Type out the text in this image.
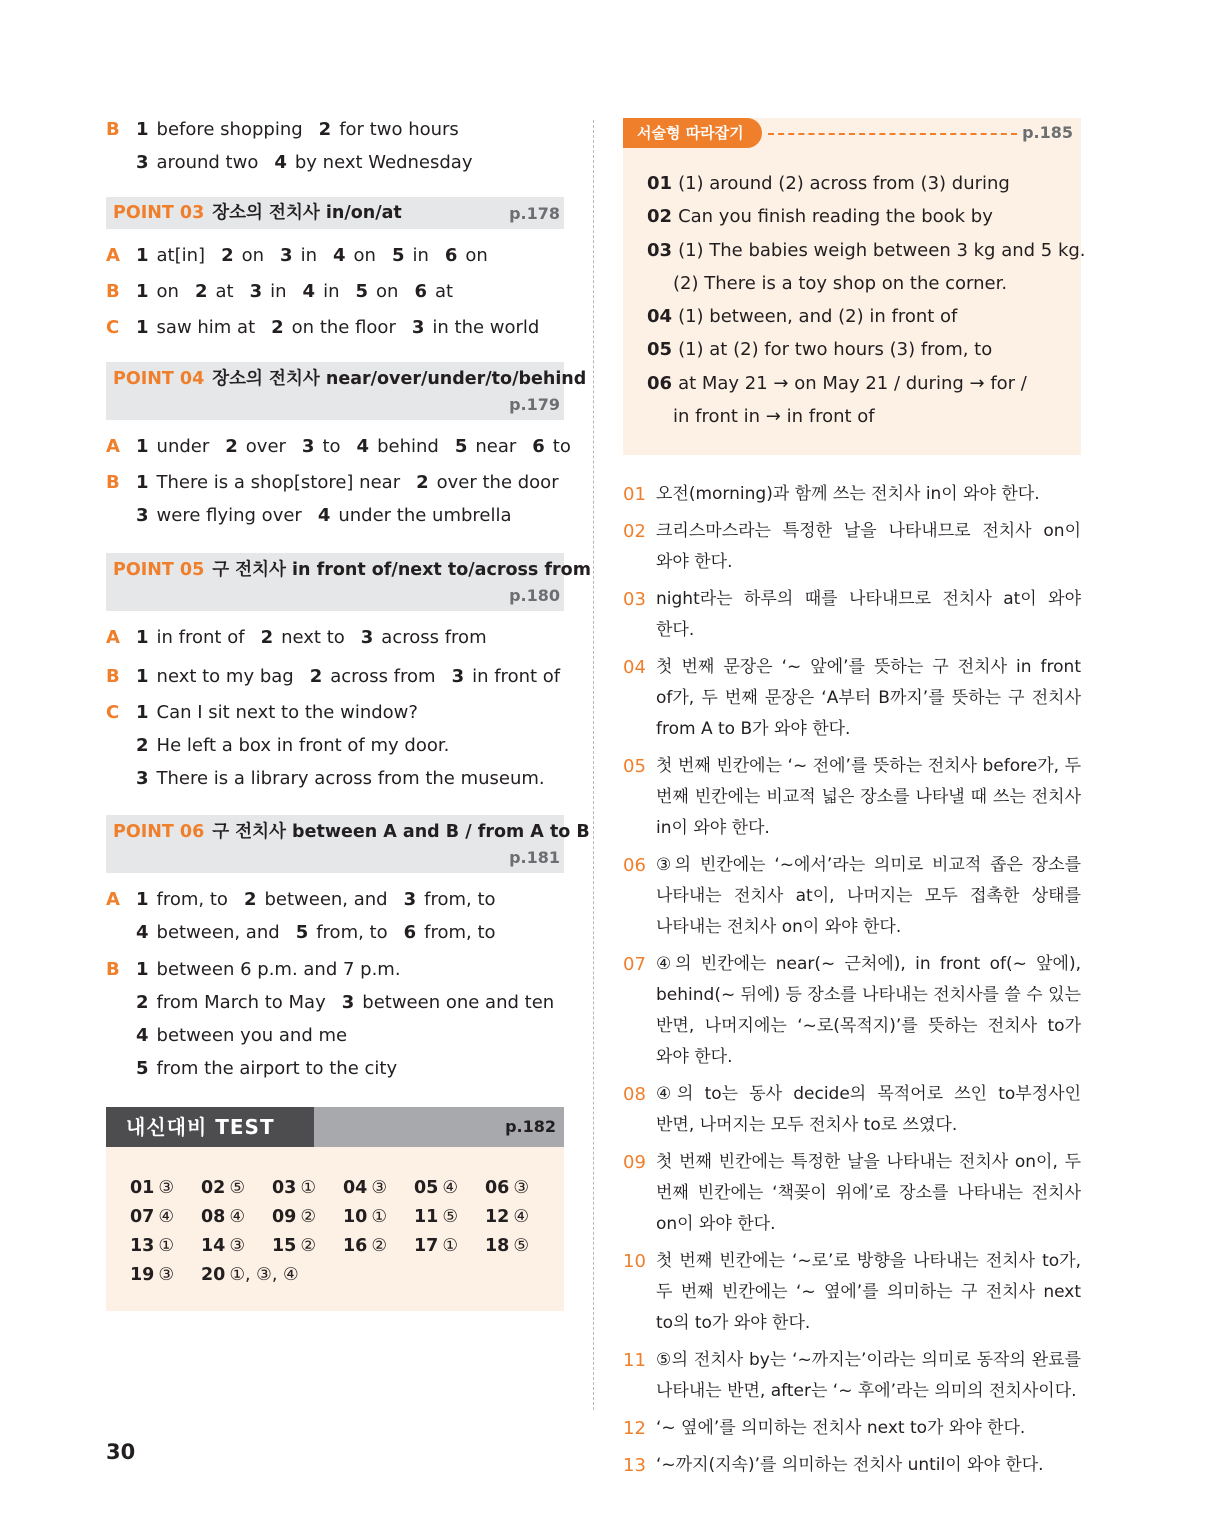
B 1 before shopping 2 for two hours
3 around two 4 by next Wednesday
POINT 03 장소의 전치사 in/on/at	p.178
A 1 at[in] 2 on 3 in 4 on 5 in 6 on
B 1 on 2 at 3 in 4 in 5 on 6 at
C 1 saw him at 2 on the floor 3 in the world
POINT 04 장소의 전치사 near/over/under/to/behind
p.179
A 1 under 2 over 3 to 4 behind 5 near 6 to
B 1 There is a shop[store] near 2 over the door
3 were flying over 4 under the umbrella
POINT 05 구 전치사 in front of/next to/across from
p.180
A 1 in front of 2 next to 3 across from
B 1 next to my bag 2 across from 3 in front of
C 1 Can I sit next to the window?
2 He left a box in front of my door.
3 There is a library across from the museum.
POINT 06 구 전치사 between A and B / from A to B
p.181
A 1 from, to 2 between, and 3 from, to
4 between, and 5 from, to 6 from, to
B 1 between 6 p.m. and 7 p.m.
2 from March to May 3 between one and ten
4 between you and me
5 from the airport to the city
내신대비 TEST	p.182
01 ③	02 ⑤	03 ①	04 ③	05 ④	06 ③
07 ④	08 ④	09 ②	10 ①	11 ⑤	12 ④
13 ①	14 ③	15 ②	16 ②	17 ①	18 ⑤
19 ③	20 ①, ③, ④
30
서술형 따라잡기	p.185
01 (1) around (2) across from (3) during
02 Can you finish reading the book by
03 (1) The babies weigh between 3 kg and 5 kg.
(2) There is a toy shop on the corner.
04 (1) between, and (2) in front of
05 (1) at (2) for two hours (3) from, to
06 at May 21 → on May 21 / during → for /
in front in → in front of
01 오전(morning)과 함께 쓰는 전치사 in이 와야 한다.
02 크리스마스라는 특정한 날을 나타내므로 전치사 on이 와야 한다.
03 night라는 하루의 때를 나타내므로 전치사 at이 와야 한다.
04 첫 번째 문장은 ‘~ 앞에’를 뜻하는 구 전치사 in front of가, 두 번째 문장은 ‘A부터 B까지’를 뜻하는 구 전치사 from A to B가 와야 한다.
05 첫 번째 빈칸에는 ‘~ 전에’를 뜻하는 전치사 before가, 두 번째 빈칸에는 비교적 넓은 장소를 나타낼 때 쓰는 전치사 in이 와야 한다.
06 ③의 빈칸에는 ‘~에서’라는 의미로 비교적 좁은 장소를 나타내는 전치사 at이, 나머지는 모두 접촉한 상태를 나타내는 전치사 on이 와야 한다.
07 ④의 빈칸에는 near(~ 근처에), in front of(~ 앞에), behind(~ 뒤에) 등 장소를 나타내는 전치사를 쓸 수 있는 반면, 나머지에는 ‘~로(목적지)’를 뜻하는 전치사 to가 와야 한다.
08 ④의 to는 동사 decide의 목적어로 쓰인 to부정사인 반면, 나머지는 모두 전치사 to로 쓰였다.
09 첫 번째 빈칸에는 특정한 날을 나타내는 전치사 on이, 두 번째 빈칸에는 ‘책꽂이 위에’로 장소를 나타내는 전치사 on이 와야 한다.
10 첫 번째 빈칸에는 ‘~로’로 방향을 나타내는 전치사 to가, 두 번째 빈칸에는 ‘~ 옆에’를 의미하는 구 전치사 next to의 to가 와야 한다.
11 ⑤의 전치사 by는 ‘~까지는’이라는 의미로 동작의 완료를 나타내는 반면, after는 ‘~ 후에’라는 의미의 전치사이다.
12 ‘~ 옆에’를 의미하는 전치사 next to가 와야 한다.
13 ‘~까지(지속)’를 의미하는 전치사 until이 와야 한다.
